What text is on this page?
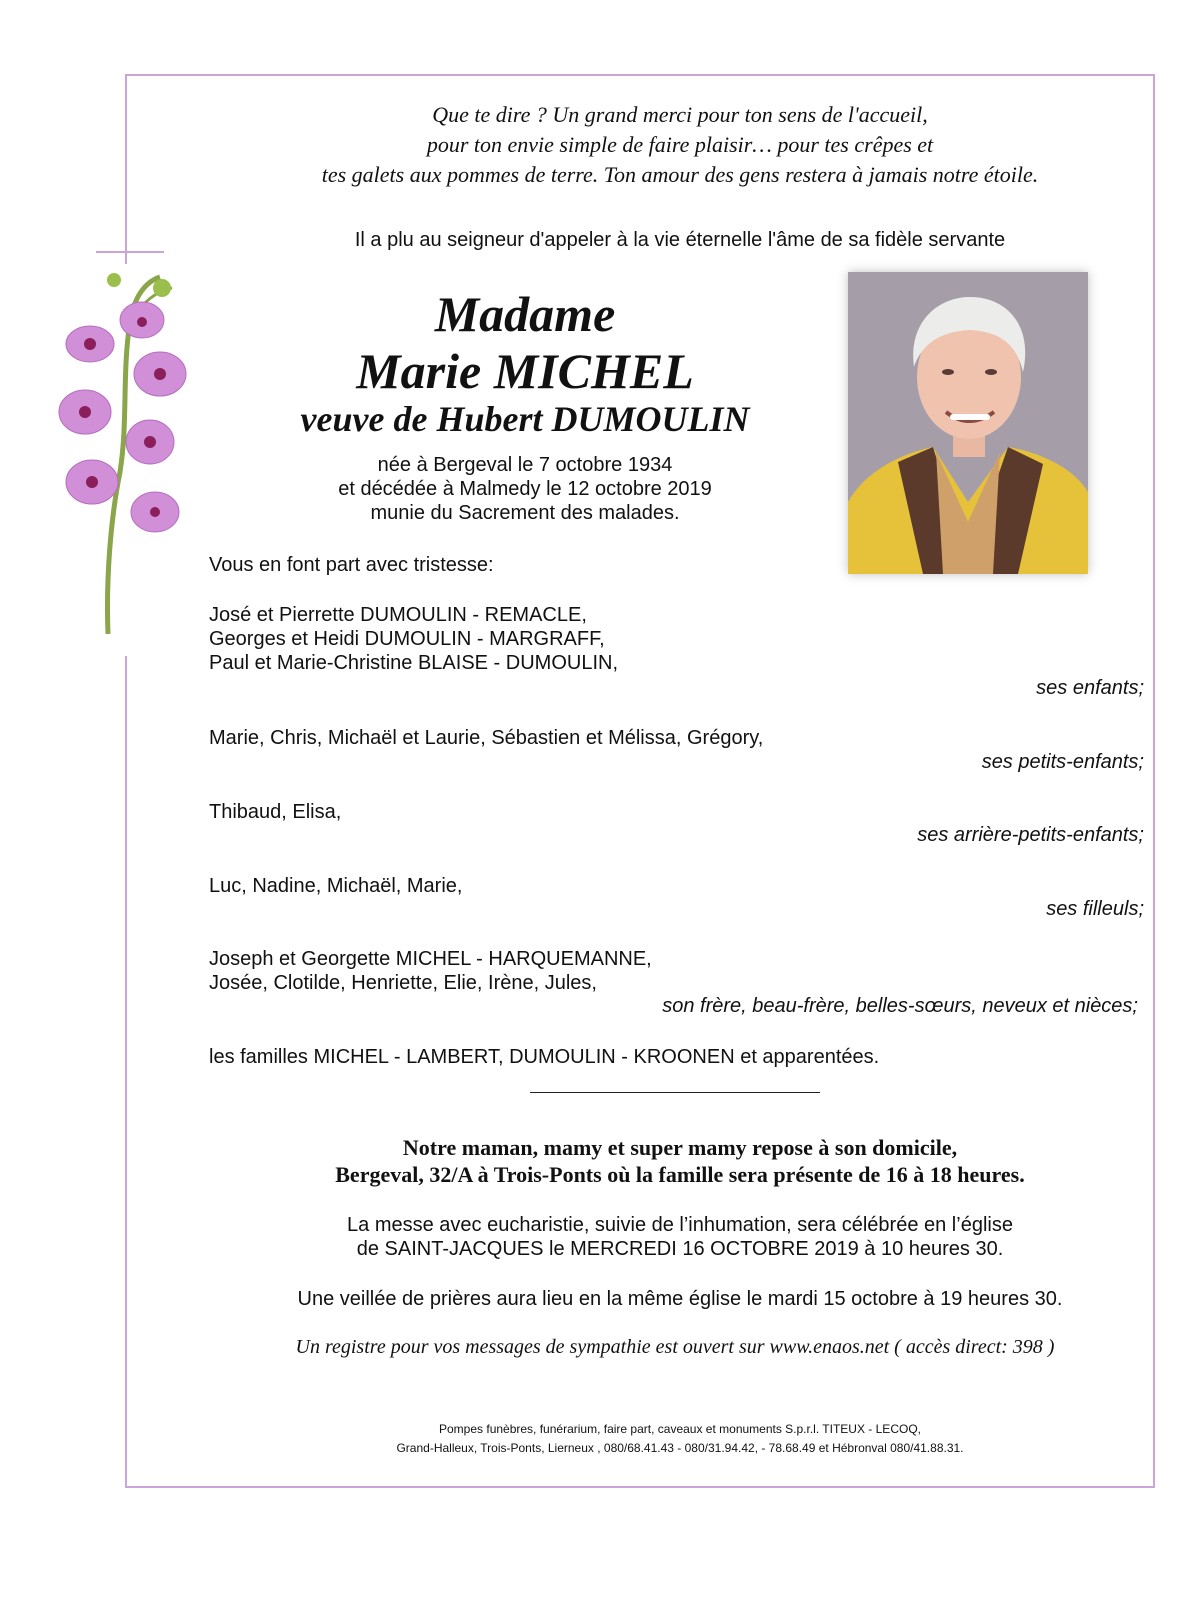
Que te dire ? Un grand merci pour ton sens de l'accueil,
pour ton envie simple de faire plaisir… pour tes crêpes et
tes galets aux pommes de terre. Ton amour des gens restera à jamais notre étoile.
Il a plu au seigneur d'appeler à la vie éternelle l'âme de sa fidèle servante
Madame
Marie MICHEL
veuve de Hubert DUMOULIN
née à Bergeval le 7 octobre 1934
et décédée à Malmedy le 12 octobre 2019
munie du Sacrement des malades.
Vous en font part avec tristesse:
José et Pierrette DUMOULIN - REMACLE,
Georges et Heidi DUMOULIN - MARGRAFF,
Paul et Marie-Christine BLAISE - DUMOULIN,
ses enfants;
Marie, Chris, Michaël et Laurie, Sébastien et Mélissa, Grégory,
ses petits-enfants;
Thibaud, Elisa,
ses arrière-petits-enfants;
Luc, Nadine, Michaël, Marie,
ses filleuls;
Joseph et Georgette MICHEL - HARQUEMANNE,
Josée, Clotilde, Henriette, Elie, Irène, Jules,
son frère, beau-frère, belles-sœurs, neveux et nièces;
les familles MICHEL - LAMBERT, DUMOULIN - KROONEN et apparentées.
Notre maman, mamy et super mamy repose à son domicile,
Bergeval, 32/A à Trois-Ponts où la famille sera présente de 16 à 18 heures.
La messe avec eucharistie, suivie de l’inhumation, sera célébrée en l’église
de SAINT-JACQUES le MERCREDI 16 OCTOBRE 2019 à 10 heures 30.
Une veillée de prières aura lieu en la même église le mardi 15 octobre à 19 heures 30.
Un registre pour vos messages de sympathie est ouvert sur www.enaos.net ( accès direct: 398 )
Pompes funèbres, funérarium, faire part, caveaux et monuments S.p.r.l. TITEUX - LECOQ,
Grand-Halleux, Trois-Ponts, Lierneux , 080/68.41.43 - 080/31.94.42, - 78.68.49 et Hébronval 080/41.88.31.
